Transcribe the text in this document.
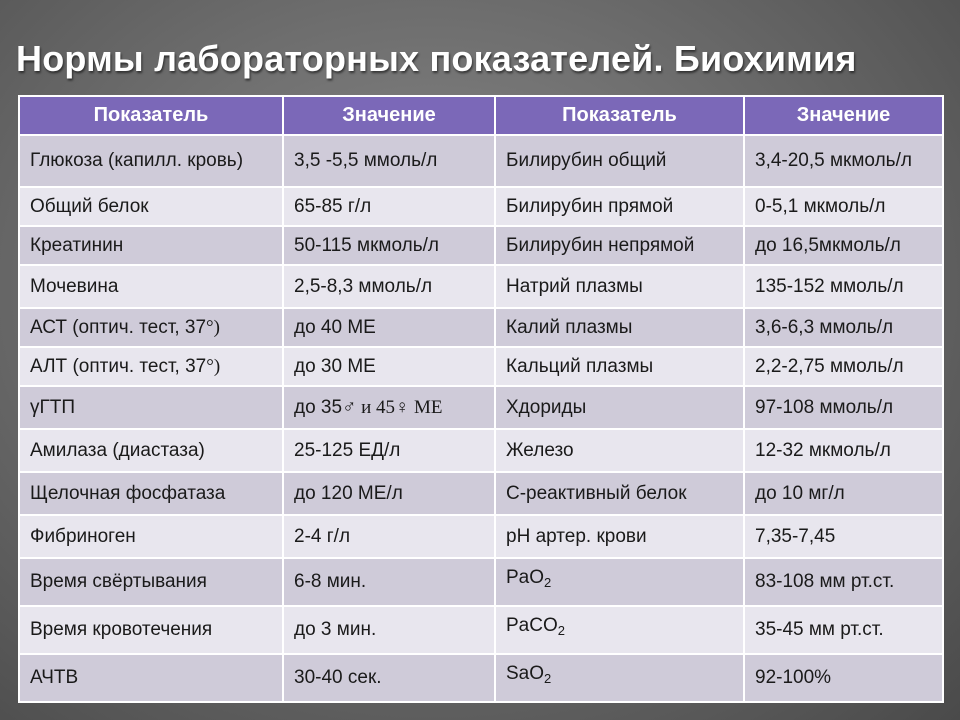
Нормы лабораторных показателей. Биохимия
Показатель	Значение	Показатель	Значение
Глюкоза (капилл. кровь)	3,5 -5,5 ммоль/л	Билирубин общий	3,4-20,5 мкмоль/л
Общий белок	65-85 г/л	Билирубин прямой	0-5,1 мкмоль/л
Креатинин	50-115 мкмоль/л	Билирубин непрямой	до 16,5мкмоль/л
Мочевина	2,5-8,3 ммоль/л	Натрий плазмы	135-152 ммоль/л
АСТ (оптич. тест, 37°)	до 40 МЕ	Калий плазмы	3,6-6,3 ммоль/л
АЛТ (оптич. тест, 37°)	до 30 МЕ	Кальций плазмы	2,2-2,75 ммоль/л
γГТП	до 35♂ и 45♀ МЕ	Хдориды	97-108 ммоль/л
Амилаза (диастаза)	25-125 ЕД/л	Железо	12-32 мкмоль/л
Щелочная фосфатаза	до 120 МЕ/л	С-реактивный белок	до 10 мг/л
Фибриноген	2-4 г/л	pH артер. крови	7,35-7,45
Время свёртывания	6-8 мин.	PaO$_2$	83-108 мм рт.ст.
Время кровотечения	до 3 мин.	PaCO$_2$	35-45 мм рт.ст.
АЧТВ	30-40 сек.	SaO$_2$	92-100%
